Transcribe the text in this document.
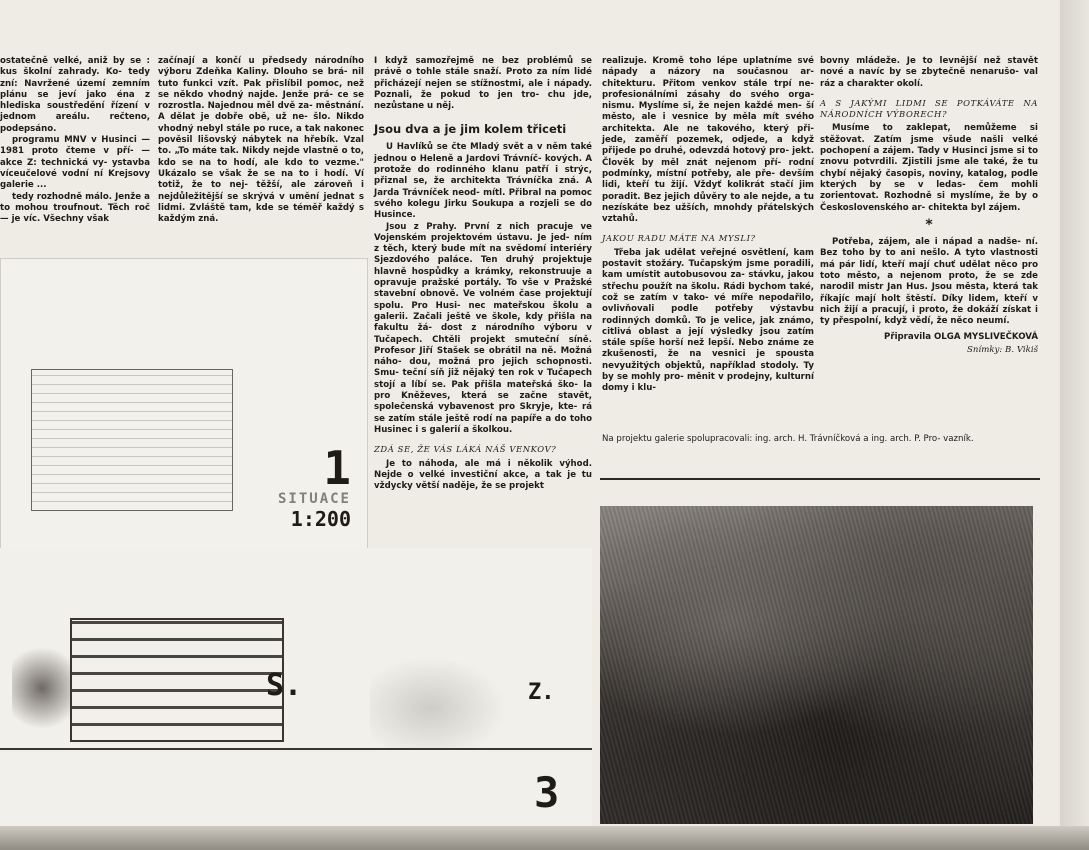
ostatečně velké, aniž by se : kus školní zahrady. Ko- tedy zní: Navržené území zemním plánu se jeví jako éna z hlediska soustředění řízení v jednom areálu. rečteno, podepsáno.

programu MNV v Husinci —1981 proto čteme v pří- — akce Z: technická vy- ystavba víceučelové vodní ní Krejsovy galerie ...

tedy rozhodně málo. Jenže a to mohou troufnout. Těch roč — je víc. Všechny však

začínají a končí u předsedy národního výboru Zdeňka Kaliny. Dlouho se brá- nil tuto funkci vzít. Pak přislíbil pomoc, než se někdo vhodný najde. Jenže prá- ce se rozrostla. Najednou měl dvě za- městnání. A dělat je dobře obě, už ne- šlo. Nikdo vhodný nebyl stále po ruce, a tak nakonec pověsil lišovský nábytek na hřebík. Vzal to. „To máte tak. Nikdy nejde vlastně o to, kdo se na to hodí, ale kdo to vezme." Ukázalo se však že se na to i hodí. Ví totiž, že to nej- těžší, ale zároveň i nejdůležitější se skrývá v umění jednat s lidmi. Zvláště tam, kde se téměř každý s každým zná.

I když samozřejmě ne bez problémů se právě o tohle stále snaží. Proto za ním lidé přicházejí nejen se stížnostmi, ale i nápady. Poznali, že pokud to jen tro- chu jde, nezůstane u něj.

Jsou dva a je jim kolem třiceti

U Havlíků se čte Mladý svět a v něm také jednou o Heleně a Jardovi Trávníč- kových. A protože do rodinného klanu patří i strýc, přiznal se, že architekta Trávníčka zná. A Jarda Trávníček neod- mítl. Přibral na pomoc svého kolegu Jirku Soukupa a rozjeli se do Husince.

Jsou z Prahy. První z nich pracuje ve Vojenském projektovém ústavu. Je jed- ním z těch, který bude mít na svědomí interiéry Sjezdového paláce. Ten druhý projektuje hlavně hospůdky a krámky, rekonstruuje a opravuje pražské portály. To vše v Pražské stavební obnově. Ve volném čase projektují spolu. Pro Husi- nec mateřskou školu a galerii. Začali ještě ve škole, kdy přišla na fakultu žá- dost z národního výboru v Tučapech. Chtěli projekt smuteční síně. Profesor Jiří Stašek se obrátil na ně. Možná náho- dou, možná pro jejich schopnosti. Smu- teční síň již nějaký ten rok v Tučapech stojí a líbí se. Pak přišla mateřská ško- la pro Kněževes, která se začne stavět, společenská vybavenost pro Skryje, kte- rá se zatím stále ještě rodí na papíře a do toho Husinec i s galerií a školkou.

ZDÁ SE, ŽE VÁS LÁKÁ NÁŠ VENKOV?

Je to náhoda, ale má i několik výhod. Nejde o velké investiční akce, a tak je tu vždycky větší naděje, že se projekt

realizuje. Kromě toho lépe uplatníme své nápady a názory na současnou ar- chitekturu. Přitom venkov stále trpí ne- profesionálními zásahy do svého orga- nismu. Myslíme si, že nejen každé men- ší město, ale i vesnice by měla mít svého architekta. Ale ne takového, který při- jede, zaměří pozemek, odjede, a když přijede po druhé, odevzdá hotový pro- jekt. Člověk by měl znát nejenom pří- rodní podmínky, místní potřeby, ale pře- devším lidi, kteří tu žijí. Vždyť kolikrát stačí jim poradit. Bez jejich důvěry to ale nejde, a tu nezískáte bez užších, mnohdy přátelských vztahů.

JAKOU RADU MÁTE NA MYSLI?

Třeba jak udělat veřejné osvětlení, kam postavit stožáry. Tučapským jsme poradili, kam umístit autobusovou za- stávku, jakou střechu použít na školu. Rádi bychom také, což se zatím v tako- vé míře nepodařilo, ovlivňovali podle potřeby výstavbu rodinných domků. To je velice, jak známo, citlivá oblast a její výsledky jsou zatím stále spíše horší než lepší. Nebo známe ze zkušenosti, že na vesnici je spousta nevyužitých objektů, například stodoly. Ty by se mohly pro- měnit v prodejny, kulturní domy i klu-

bovny mládeže. Je to levnější než stavět nové a navíc by se zbytečně nenarušo- val ráz a charakter okolí.

A S JAKÝMI LIDMI SE POTKÁVÁTE NA NÁRODNÍCH VÝBORECH?

Musíme to zaklepat, nemůžeme si stěžovat. Zatím jsme všude našli velké pochopení a zájem. Tady v Husinci jsme si to znovu potvrdili. Zjistili jsme ale také, že tu chybí nějaký časopis, noviny, katalog, podle kterých by se v ledas- čem mohli zorientovat. Rozhodně si myslíme, že by o Československého ar- chitekta byl zájem.

*

Potřeba, zájem, ale i nápad a nadše- ní. Bez toho by to ani nešlo. A tyto vlastnosti má pár lidí, kteří mají chuť udělat něco pro toto město, a nejenom proto, že se zde narodil mistr Jan Hus. Jsou města, která tak říkajíc mají holt štěstí. Díky lidem, kteří v nich žijí a pracují, i proto, že dokáží získat i ty přespolní, když vědí, že něco neumí.

Připravila OLGA MYSLIVEČKOVÁ
Snímky: B. Vikiš
Na projektu galerie spolupracovali: ing. arch. H. Trávníčková a ing. arch. P. Pro- vazník.
1
SITUACE
1:200
S.	Z.
3
